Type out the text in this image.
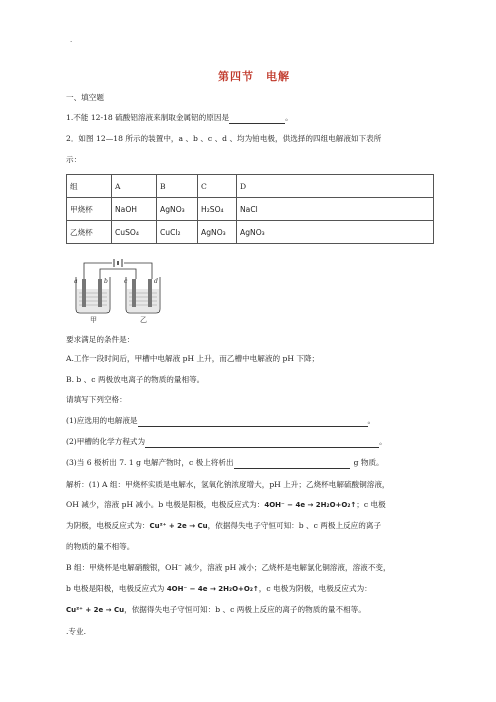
.
第四节　电解
一、填空题
1.不能 12-18 硫酸铝溶液来制取金属铝的原因是	。
2．如图 12—18 所示的装置中，a 、b 、c 、d 、均为铂电极，供选择的四组电解液如下表所
示：
组	A	B	C	D
甲烧杯	NaOH	AgNO₃	H₂SO₄	NaCl
乙烧杯	CuSO₄	CuCl₂	AgNO₃	AgNO₃
a	b	c	d
甲	乙
要求满足的条件是：
A.工作一段时间后，甲槽中电解液 pH 上升，而乙槽中电解液的 pH 下降；
B. b 、c 两极放电离子的物质的量相等。
请填写下列空格：
(1)应选用的电解液是	。
(2)甲槽的化学方程式为	。
(3)当 6 极析出 7. 1 g 电解产物时，c 极上将析出	g 物质。
解析：(1) A 组：甲烧杯实质是电解水，氢氧化钠浓度增大，pH 上升；乙烧杯电解硫酸铜溶液，
OH 减少，溶液 pH 减小。b 电极是阳极，电极反应式为：4OH⁻ − 4e → 2H₂O+O₂↑；c 电极
为阴极，电极反应式为：Cu²⁺ + 2e → Cu，依据得失电子守恒可知：b 、c 两极上反应的离子
的物质的量不相等。
B 组：甲烧杯是电解硝酸银，OH⁻ 减少，溶液 pH 减小；乙烧杯是电解氯化铜溶液，溶液不变，
b 电极是阳极，电极反应式为 4OH⁻ − 4e → 2H₂O+O₂↑，c 电极为阴极，电极反应式为：
Cu²⁺ + 2e → Cu，依据得失电子守恒可知：b 、c 两极上反应的离子的物质的量不相等。
.专业.
